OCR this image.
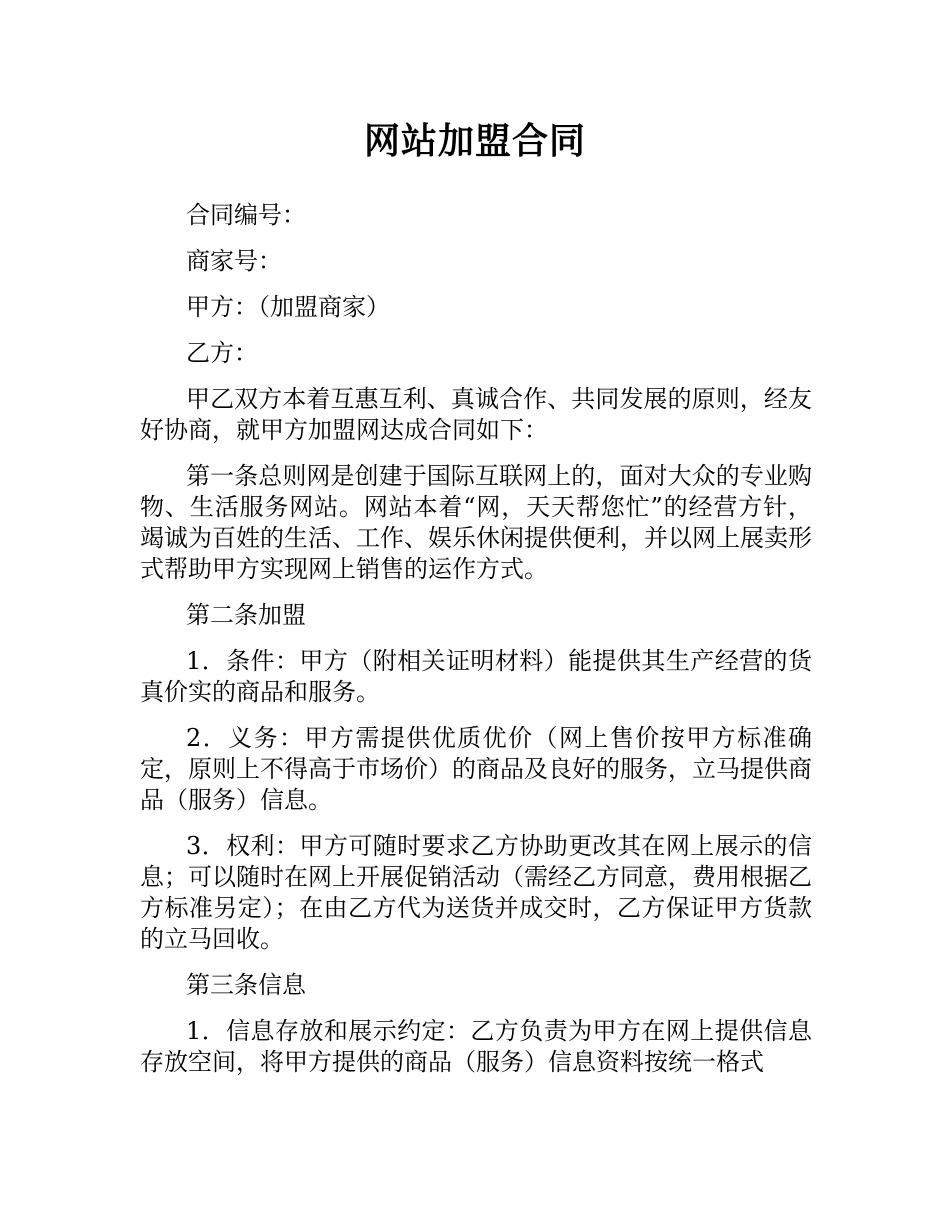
网站加盟合同

合同编号：

商家号：

甲方：（加盟商家）

乙方：

甲乙双方本着互惠互利、真诚合作、共同发展的原则，经友好协商，就甲方加盟网达成合同如下：

第一条总则网是创建于国际互联网上的，面对大众的专业购物、生活服务网站。网站本着“网，天天帮您忙”的经营方针，竭诚为百姓的生活、工作、娱乐休闲提供便利，并以网上展卖形式帮助甲方实现网上销售的运作方式。

第二条加盟

1．条件：甲方（附相关证明材料）能提供其生产经营的货真价实的商品和服务。

2．义务：甲方需提供优质优价（网上售价按甲方标准确定，原则上不得高于市场价）的商品及良好的服务，立马提供商品（服务）信息。

3．权利：甲方可随时要求乙方协助更改其在网上展示的信息；可以随时在网上开展促销活动（需经乙方同意，费用根据乙方标准另定）；在由乙方代为送货并成交时，乙方保证甲方货款的立马回收。

第三条信息

1．信息存放和展示约定：乙方负责为甲方在网上提供信息存放空间，将甲方提供的商品（服务）信息资料按统一格式
